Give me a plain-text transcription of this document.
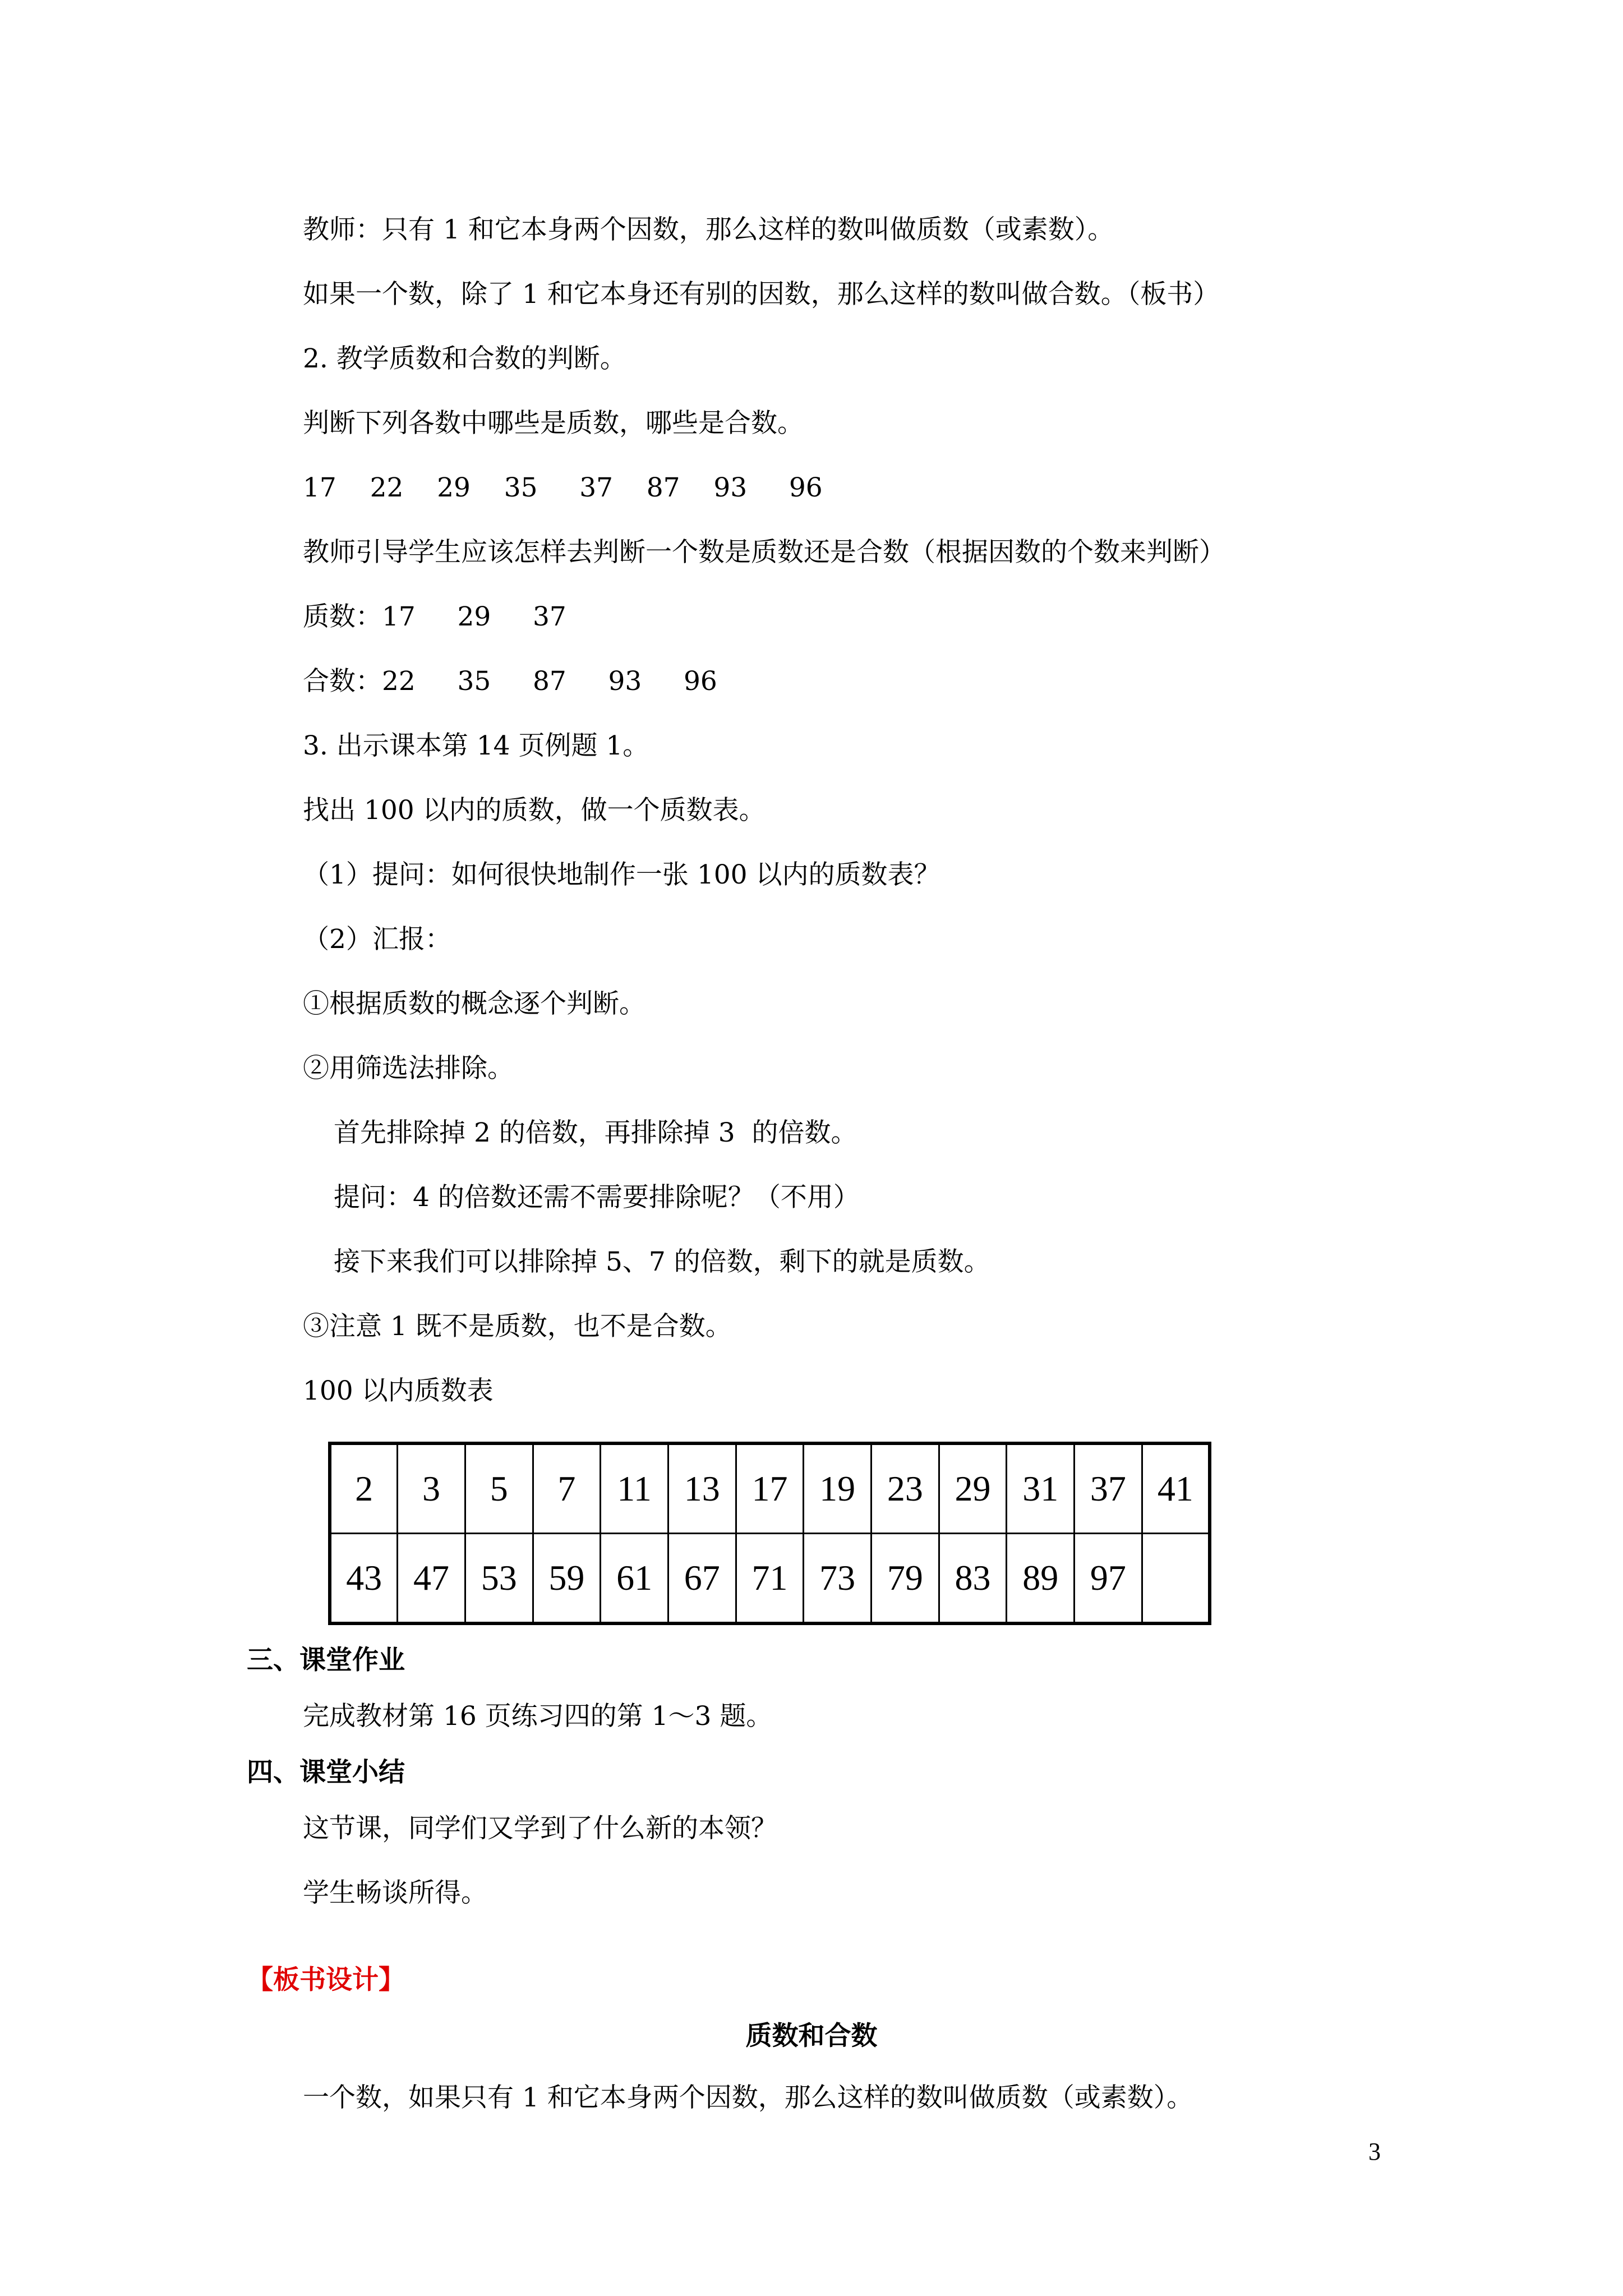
教师：只有 1 和它本身两个因数，那么这样的数叫做质数（或素数）。
如果一个数，除了 1 和它本身还有别的因数，那么这样的数叫做合数。（板书）
2. 教学质数和合数的判断。
判断下列各数中哪些是质数，哪些是合数。
17    22    29    35     37    87    93     96
教师引导学生应该怎样去判断一个数是质数还是合数（根据因数的个数来判断）
质数：17     29     37
合数：22     35     87     93     96
3. 出示课本第 14 页例题 1。
找出 100 以内的质数，做一个质数表。
（1）提问：如何很快地制作一张 100 以内的质数表？
（2）汇报：
①根据质数的概念逐个判断。
②用筛选法排除。
首先排除掉 2 的倍数，再排除掉 3  的倍数。
提问：4 的倍数还需不需要排除呢？（不用）
接下来我们可以排除掉 5、7 的倍数，剩下的就是质数。
③注意 1 既不是质数，也不是合数。
100 以内质数表
2	3	5	7	11	13	17	19	23	29	31	37	41
43	47	53	59	61	67	71	73	79	83	89	97	
三、课堂作业
完成教材第 16 页练习四的第 1～3 题。
四、课堂小结
这节课，同学们又学到了什么新的本领？
学生畅谈所得。
【板书设计】
质数和合数
一个数，如果只有 1 和它本身两个因数，那么这样的数叫做质数（或素数）。
3
